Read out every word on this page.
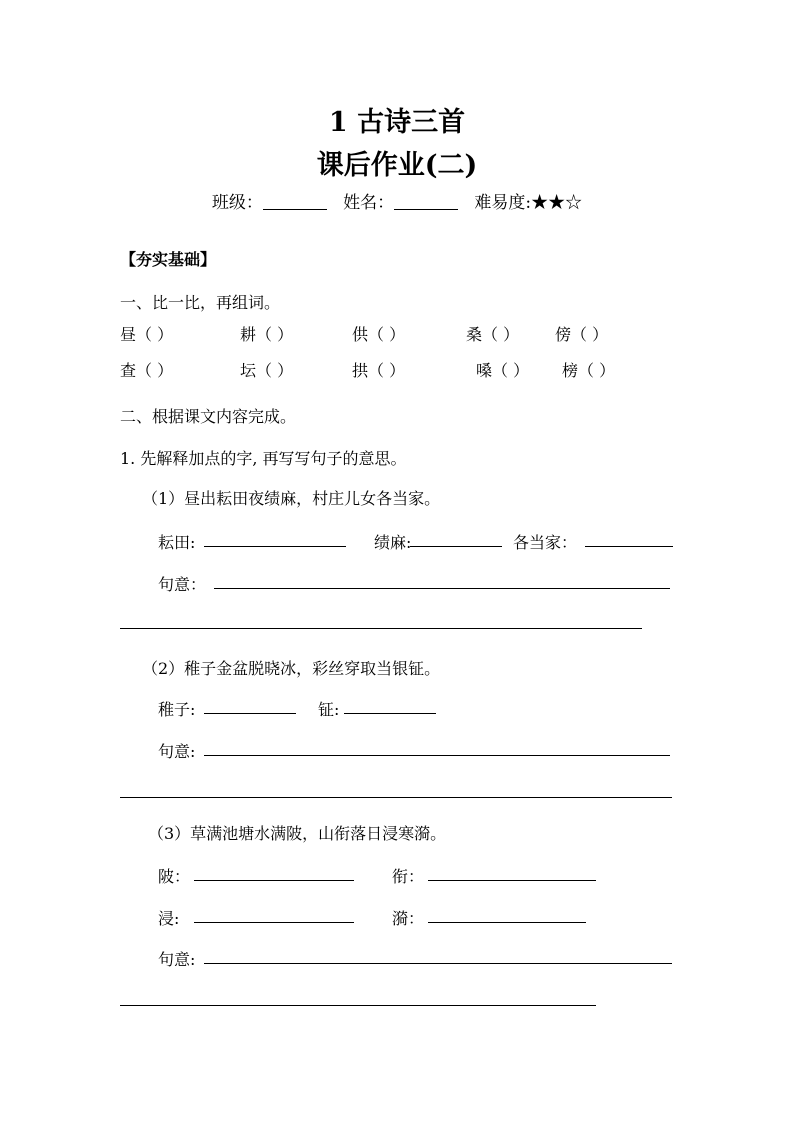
1 古诗三首
课后作业(二)
班级：	姓名：	难易度:★★☆
【夯实基础】
一、比一比，再组词。
昼（ ）	耕（ ）	供（ ）	桑（ ） 傍（ ）
查（ ）	坛（ ）	拱（ ）	嗓（ ） 榜（ ）
二、根据课文内容完成。
1. 先解释加点的字, 再写写句子的意思。
（1）昼出耘田夜绩麻，村庄儿女各当家。
耘田:	绩麻:	各当家：
句意：
（2）稚子金盆脱晓冰，彩丝穿取当银钲。
稚子:	钲:
句意:
（3）草满池塘水满陂，山衔落日浸寒漪。
陂：	衔：
浸:	漪：
句意:
